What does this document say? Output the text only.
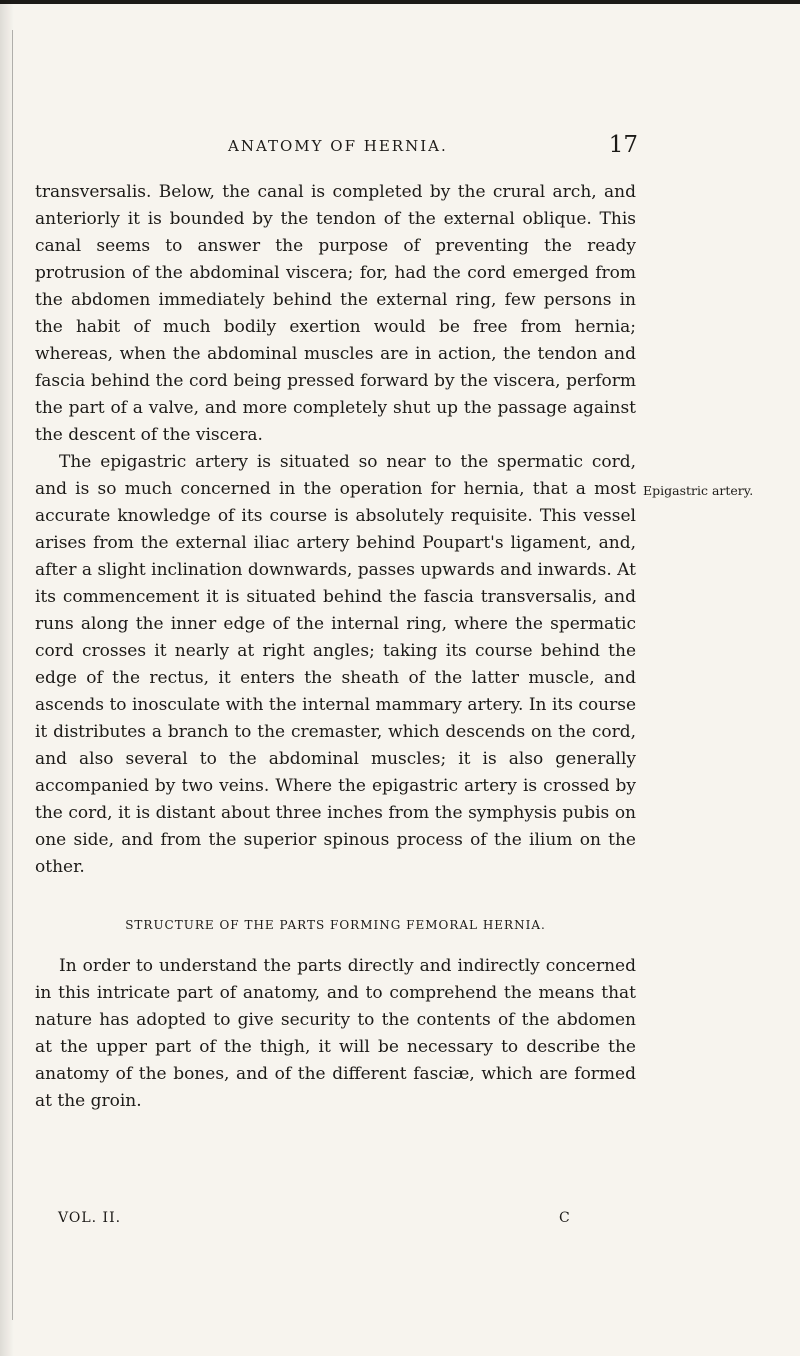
ANATOMY OF HERNIA.	17

transversalis. Below, the canal is completed by the crural arch, and anteriorly it is bounded by the tendon of the external oblique. This canal seems to answer the purpose of preventing the ready protrusion of the abdominal viscera; for, had the cord emerged from the abdomen immediately behind the external ring, few persons in the habit of much bodily exertion would be free from hernia; whereas, when the abdominal muscles are in action, the tendon and fascia behind the cord being pressed forward by the viscera, perform the part of a valve, and more completely shut up the passage against the descent of the viscera.

The epigastric artery is situated so near to the spermatic cord, and is so much concerned in the operation for hernia, that a most accurate knowledge of its course is absolutely requisite. This vessel arises from the external iliac artery behind Poupart's ligament, and, after a slight inclination downwards, passes upwards and inwards. At its commencement it is situated behind the fascia transversalis, and runs along the inner edge of the internal ring, where the spermatic cord crosses it nearly at right angles; taking its course behind the edge of the rectus, it enters the sheath of the latter muscle, and ascends to inosculate with the internal mammary artery. In its course it distributes a branch to the cremaster, which descends on the cord, and also several to the abdominal muscles; it is also generally accompanied by two veins. Where the epigastric artery is crossed by the cord, it is distant about three inches from the symphysis pubis on one side, and from the superior spinous process of the ilium on the other.

STRUCTURE OF THE PARTS FORMING FEMORAL HERNIA.

In order to understand the parts directly and indirectly concerned in this intricate part of anatomy, and to comprehend the means that nature has adopted to give security to the contents of the abdomen at the upper part of the thigh, it will be necessary to describe the anatomy of the bones, and of the different fasciæ, which are formed at the groin.

Epigastric artery.
VOL. II.	C
